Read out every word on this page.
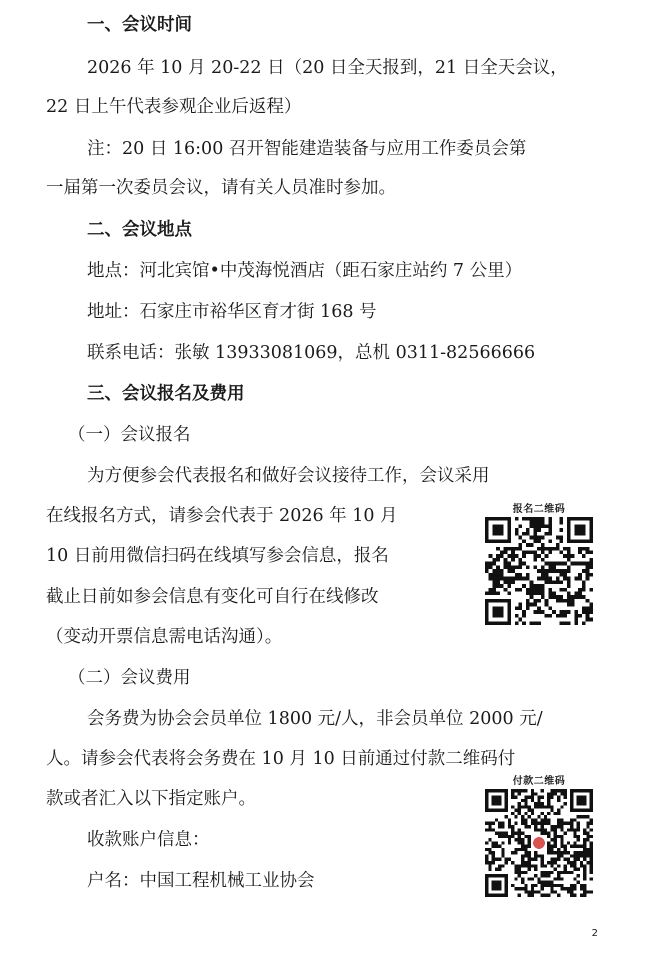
一、会议时间
2026 年 10 月 20-22 日（20 日全天报到，21 日全天会议，
22 日上午代表参观企业后返程）
注：20 日 16:00 召开智能建造装备与应用工作委员会第
一届第一次委员会议，请有关人员准时参加。
二、会议地点
地点：河北宾馆•中茂海悦酒店（距石家庄站约 7 公里）
地址：石家庄市裕华区育才街 168 号
联系电话：张敏 13933081069，总机 0311-82566666
三、会议报名及费用
（一）会议报名
为方便参会代表报名和做好会议接待工作，会议采用
在线报名方式，请参会代表于 2026 年 10 月
10 日前用微信扫码在线填写参会信息，报名
截止日前如参会信息有变化可自行在线修改
（变动开票信息需电话沟通）。
（二）会议费用
会务费为协会会员单位 1800 元/人，非会员单位 2000 元/
人。请参会代表将会务费在 10 月 10 日前通过付款二维码付
款或者汇入以下指定账户。
收款账户信息：
户名：中国工程机械工业协会
报名二维码
付款二维码
2
